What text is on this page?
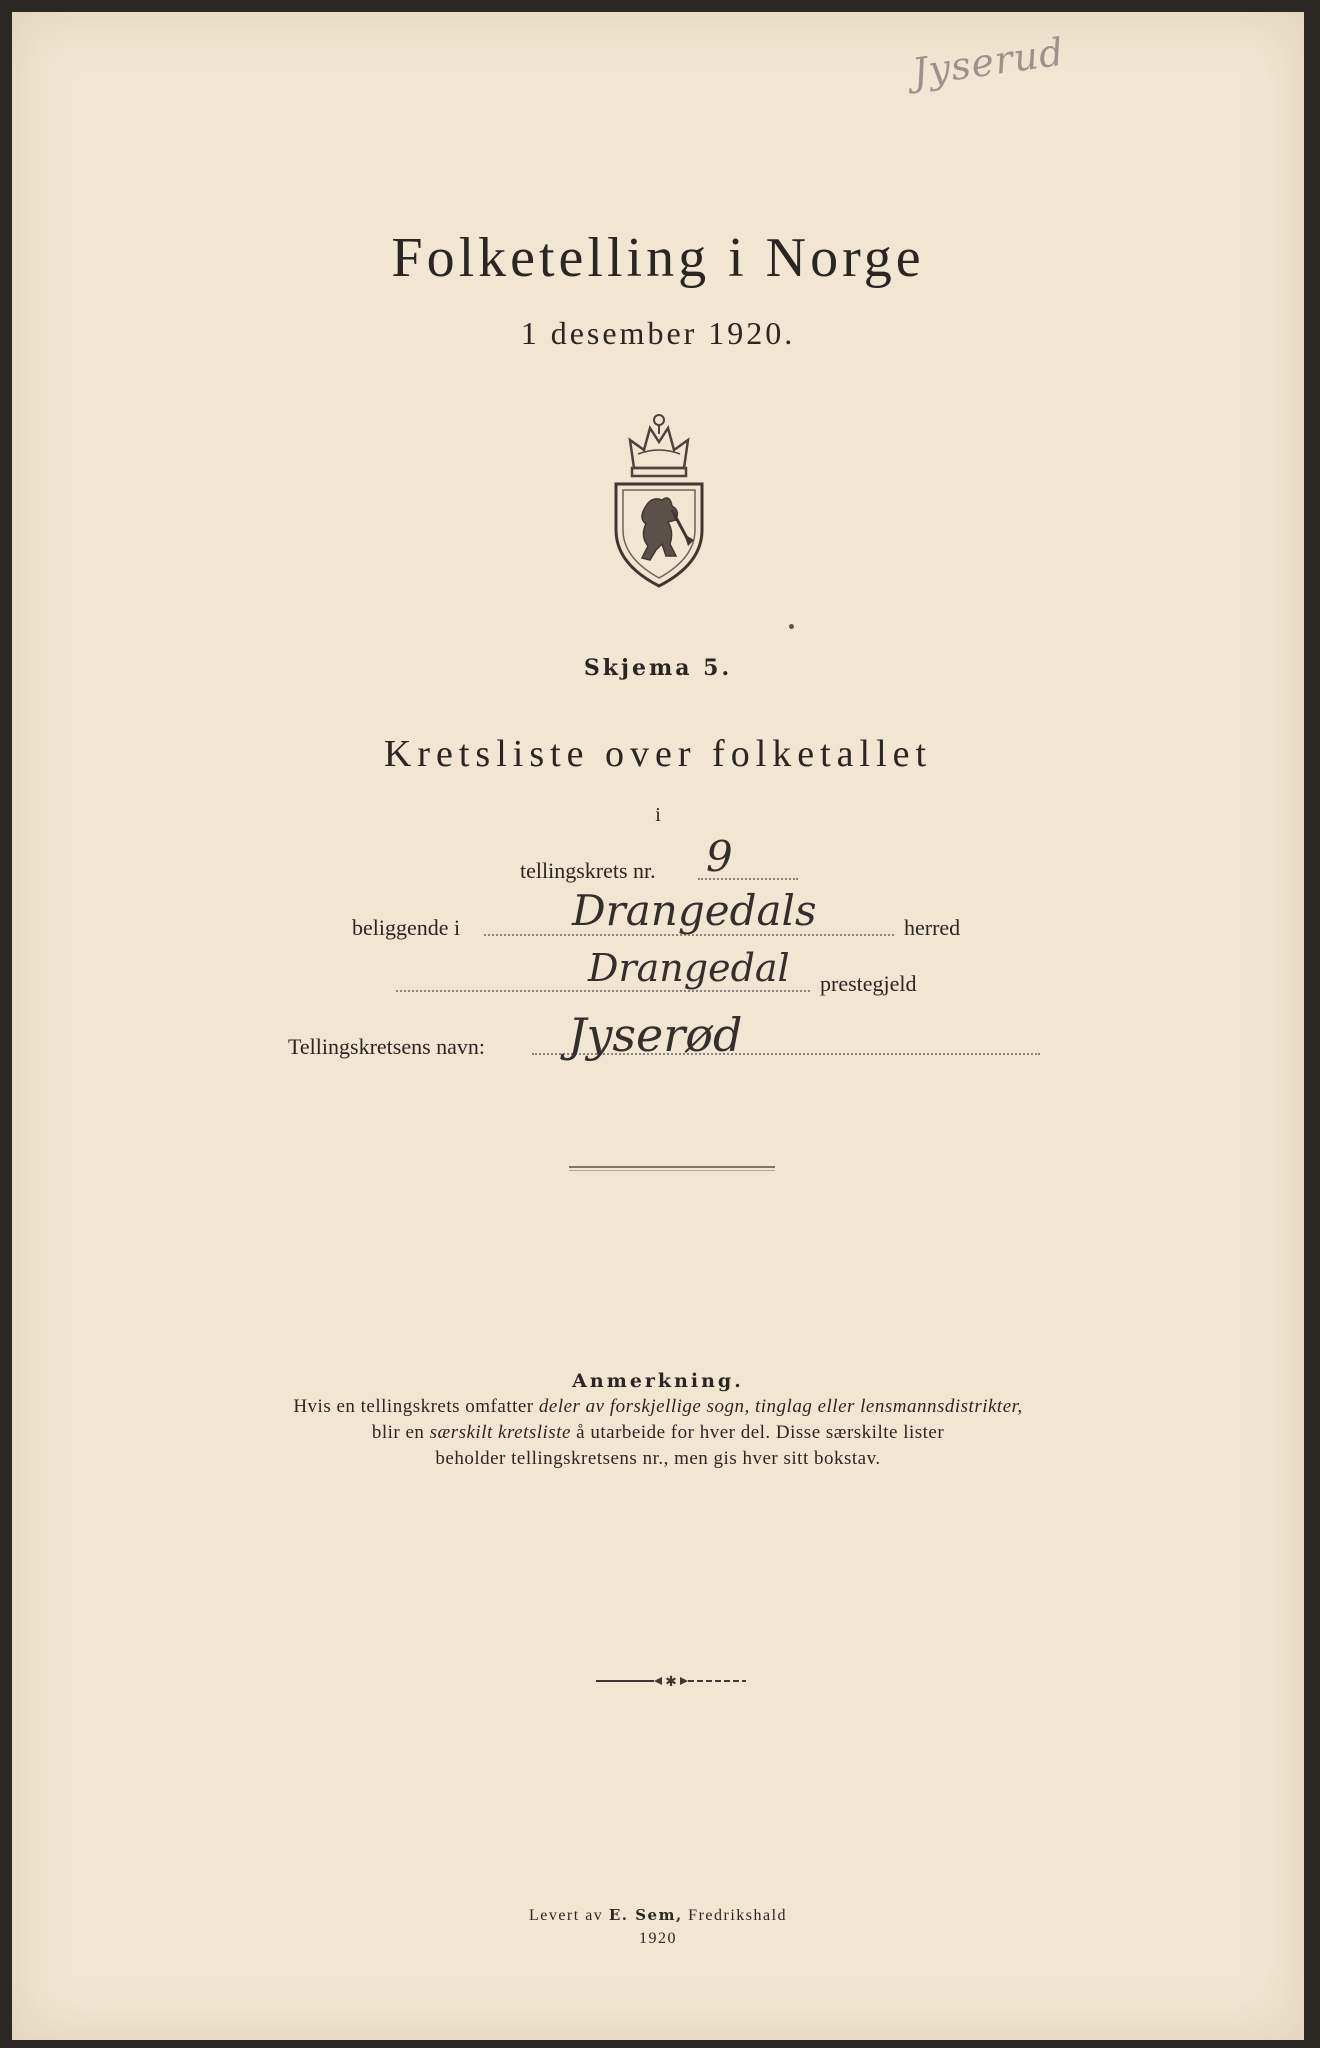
Jyserud
Folketelling i Norge
1 desember 1920.
Skjema 5.
Kretsliste over folketallet
i
tellingskrets nr. 9
beliggende i	Drangedals	herred
Drangedal prestegjeld
Tellingskretsens navn: Jyserød
Anmerkning.
Hvis en tellingskrets omfatter deler av forskjellige sogn, tinglag eller lensmannsdistrikter,
blir en særskilt kretsliste å utarbeide for hver del. Disse særskilte lister
beholder tellingskretsens nr., men gis hver sitt bokstav.
✱
Levert av E. Sem, Fredrikshald
1920
